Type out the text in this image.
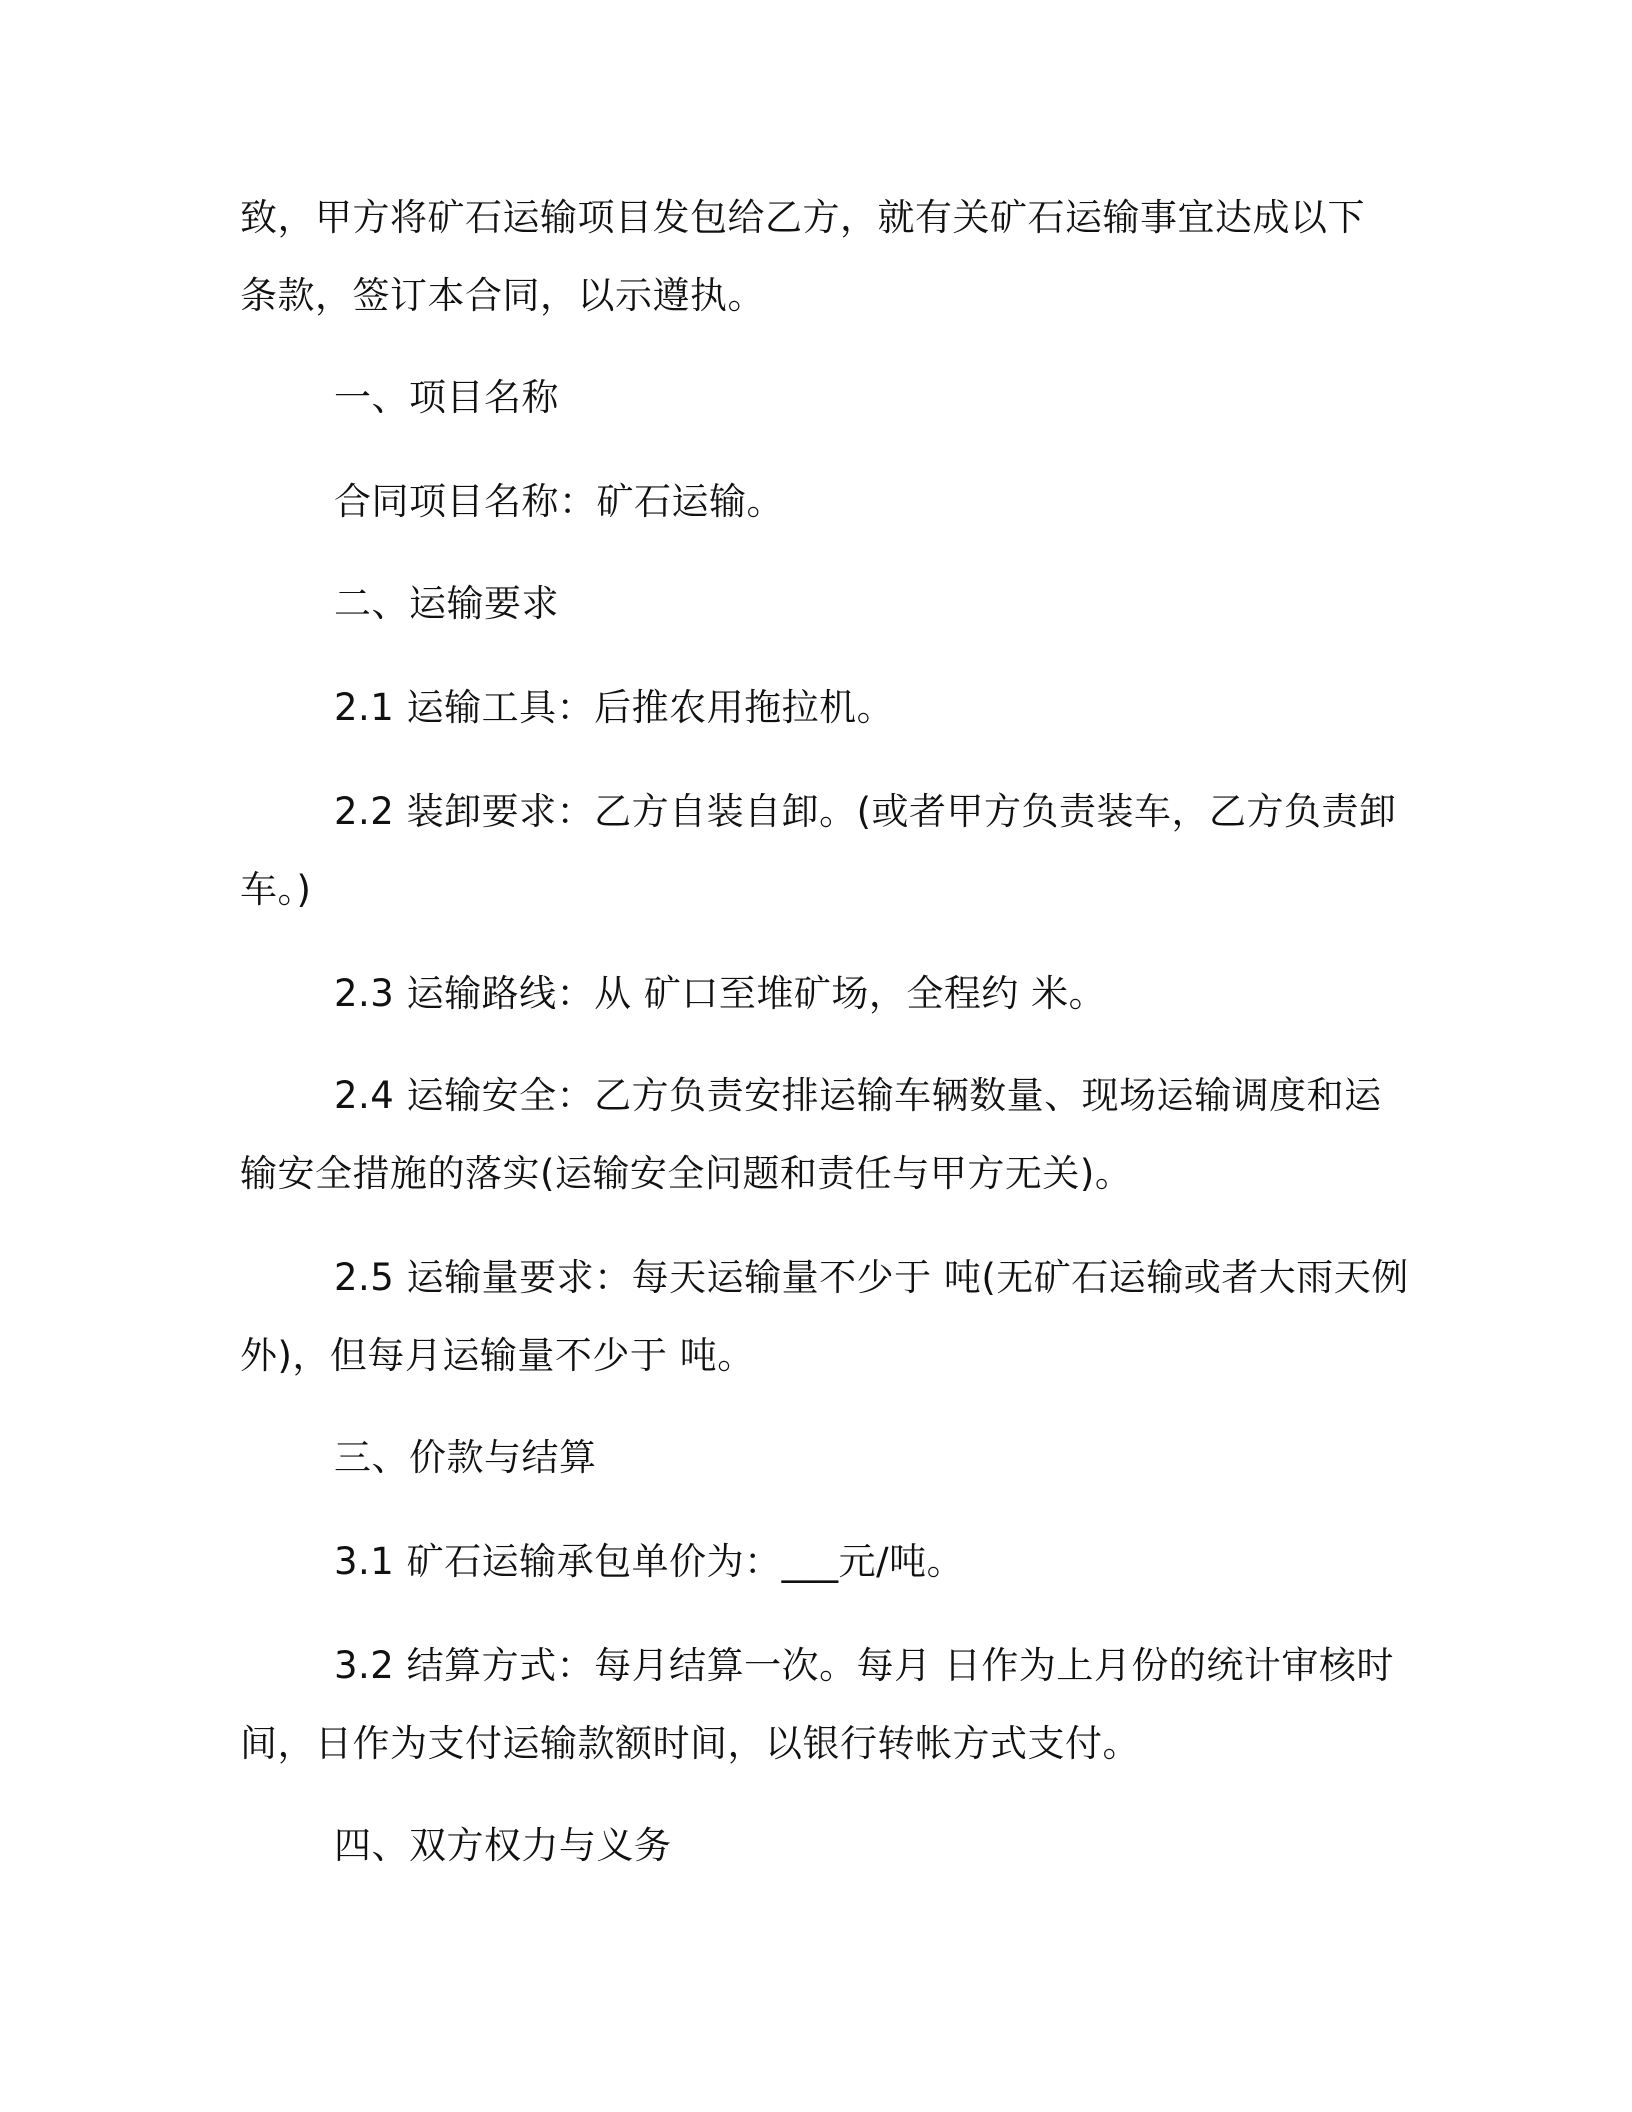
致，甲方将矿石运输项目发包给乙方，就有关矿石运输事宜达成以下
条款，签订本合同，以示遵执。
一、项目名称
合同项目名称：矿石运输。
二、运输要求
2.1 运输工具：后推农用拖拉机。
2.2 装卸要求：乙方自装自卸。(或者甲方负责装车，乙方负责卸
车。)
2.3 运输路线：从 矿口至堆矿场，全程约 米。
2.4 运输安全：乙方负责安排运输车辆数量、现场运输调度和运
输安全措施的落实(运输安全问题和责任与甲方无关)。
2.5 运输量要求：每天运输量不少于 吨(无矿石运输或者大雨天例
外)，但每月运输量不少于 吨。
三、价款与结算
3.1 矿石运输承包单价为：___元/吨。
3.2 结算方式：每月结算一次。每月 日作为上月份的统计审核时
间，日作为支付运输款额时间，以银行转帐方式支付。
四、双方权力与义务
